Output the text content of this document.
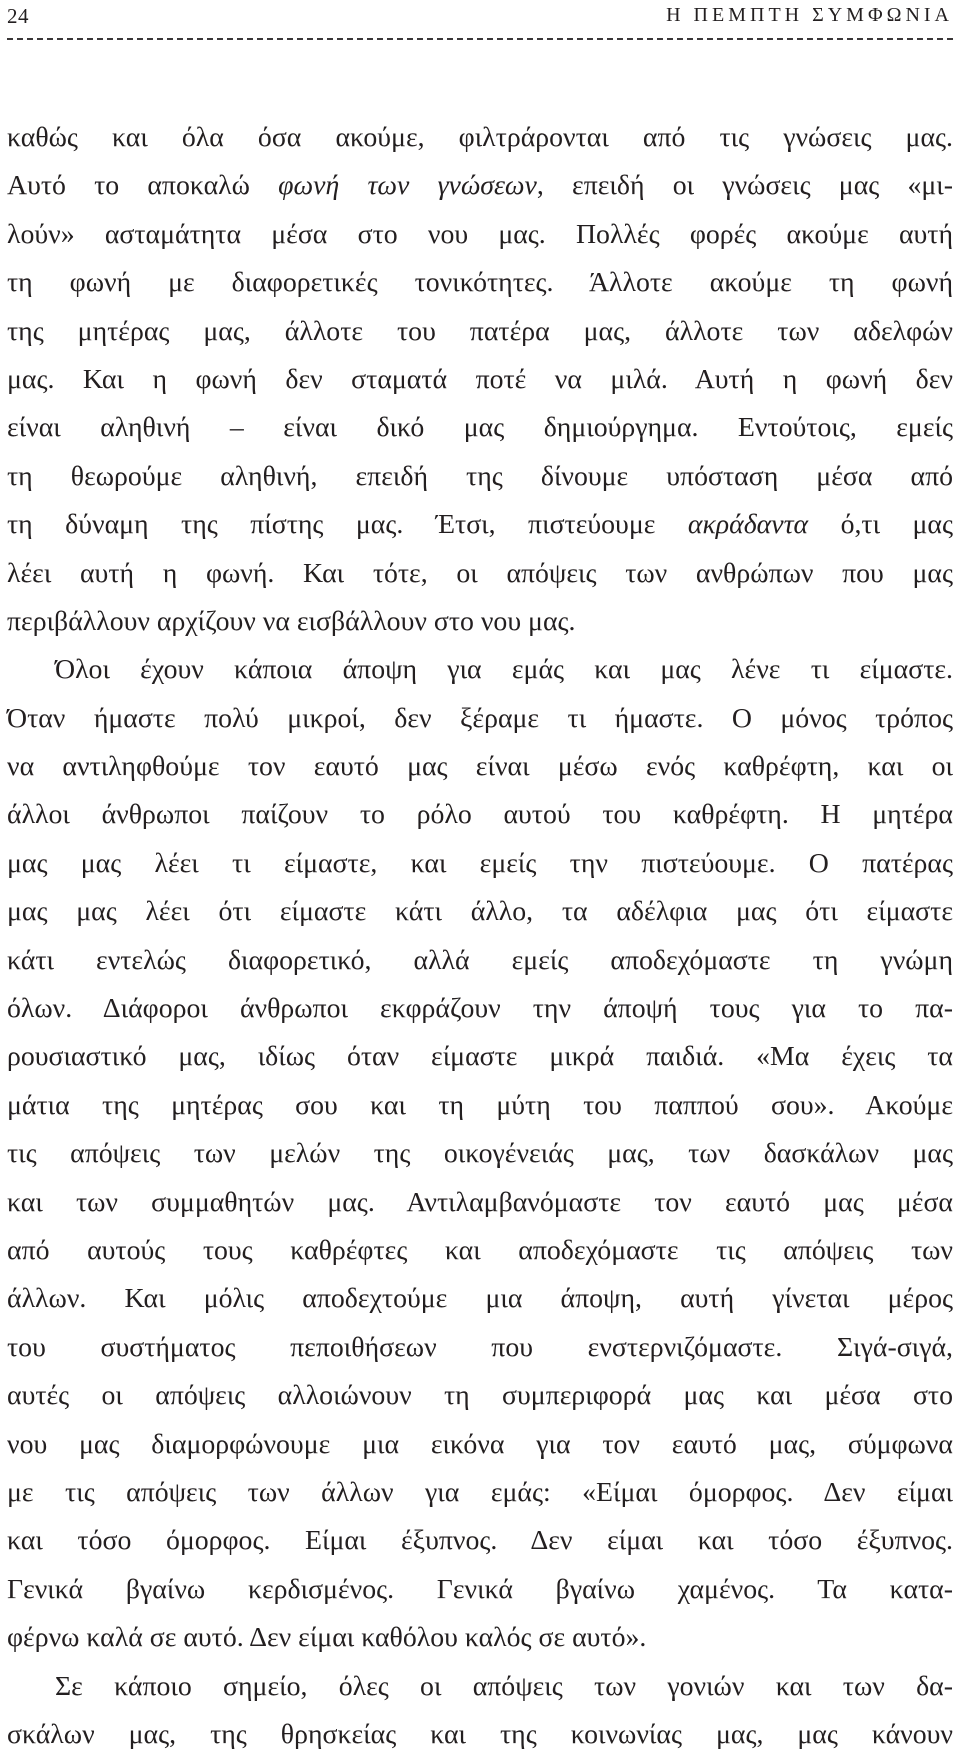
24	Η ΠΕΜΠΤΗ ΣΥΜΦΩΝΙΑ
καθώς και όλα όσα ακούμε, φιλτράρονται από τις γνώσεις μας.
Αυτό το αποκαλώ φωνή των γνώσεων, επειδή οι γνώσεις μας «μι-
λούν» ασταμάτητα μέσα στο νου μας. Πολλές φορές ακούμε αυτή
τη φωνή με διαφορετικές τονικότητες. Άλλοτε ακούμε τη φωνή
της μητέρας μας, άλλοτε του πατέρα μας, άλλοτε των αδελφών
μας. Και η φωνή δεν σταματά ποτέ να μιλά. Αυτή η φωνή δεν
είναι αληθινή – είναι δικό μας δημιούργημα. Εντούτοις, εμείς
τη θεωρούμε αληθινή, επειδή της δίνουμε υπόσταση μέσα από
τη δύναμη της πίστης μας. Έτσι, πιστεύουμε ακράδαντα ό,τι μας
λέει αυτή η φωνή. Και τότε, οι απόψεις των ανθρώπων που μας
περιβάλλουν αρχίζουν να εισβάλλουν στο νου μας.
Όλοι έχουν κάποια άποψη για εμάς και μας λένε τι είμαστε.
Όταν ήμαστε πολύ μικροί, δεν ξέραμε τι ήμαστε. Ο μόνος τρόπος
να αντιληφθούμε τον εαυτό μας είναι μέσω ενός καθρέφτη, και οι
άλλοι άνθρωποι παίζουν το ρόλο αυτού του καθρέφτη. Η μητέρα
μας μας λέει τι είμαστε, και εμείς την πιστεύουμε. Ο πατέρας
μας μας λέει ότι είμαστε κάτι άλλο, τα αδέλφια μας ότι είμαστε
κάτι εντελώς διαφορετικό, αλλά εμείς αποδεχόμαστε τη γνώμη
όλων. Διάφοροι άνθρωποι εκφράζουν την άποψή τους για το πα-
ρουσιαστικό μας, ιδίως όταν είμαστε μικρά παιδιά. «Μα έχεις τα
μάτια της μητέρας σου και τη μύτη του παππού σου». Ακούμε
τις απόψεις των μελών της οικογένειάς μας, των δασκάλων μας
και των συμμαθητών μας. Αντιλαμβανόμαστε τον εαυτό μας μέσα
από αυτούς τους καθρέφτες και αποδεχόμαστε τις απόψεις των
άλλων. Και μόλις αποδεχτούμε μια άποψη, αυτή γίνεται μέρος
του συστήματος πεποιθήσεων που ενστερνιζόμαστε. Σιγά-σιγά,
αυτές οι απόψεις αλλοιώνουν τη συμπεριφορά μας και μέσα στο
νου μας διαμορφώνουμε μια εικόνα για τον εαυτό μας, σύμφωνα
με τις απόψεις των άλλων για εμάς: «Είμαι όμορφος. Δεν είμαι
και τόσο όμορφος. Είμαι έξυπνος. Δεν είμαι και τόσο έξυπνος.
Γενικά βγαίνω κερδισμένος. Γενικά βγαίνω χαμένος. Τα κατα-
φέρνω καλά σε αυτό. Δεν είμαι καθόλου καλός σε αυτό».
Σε κάποιο σημείο, όλες οι απόψεις των γονιών και των δα-
σκάλων μας, της θρησκείας και της κοινωνίας μας, μας κάνουν
